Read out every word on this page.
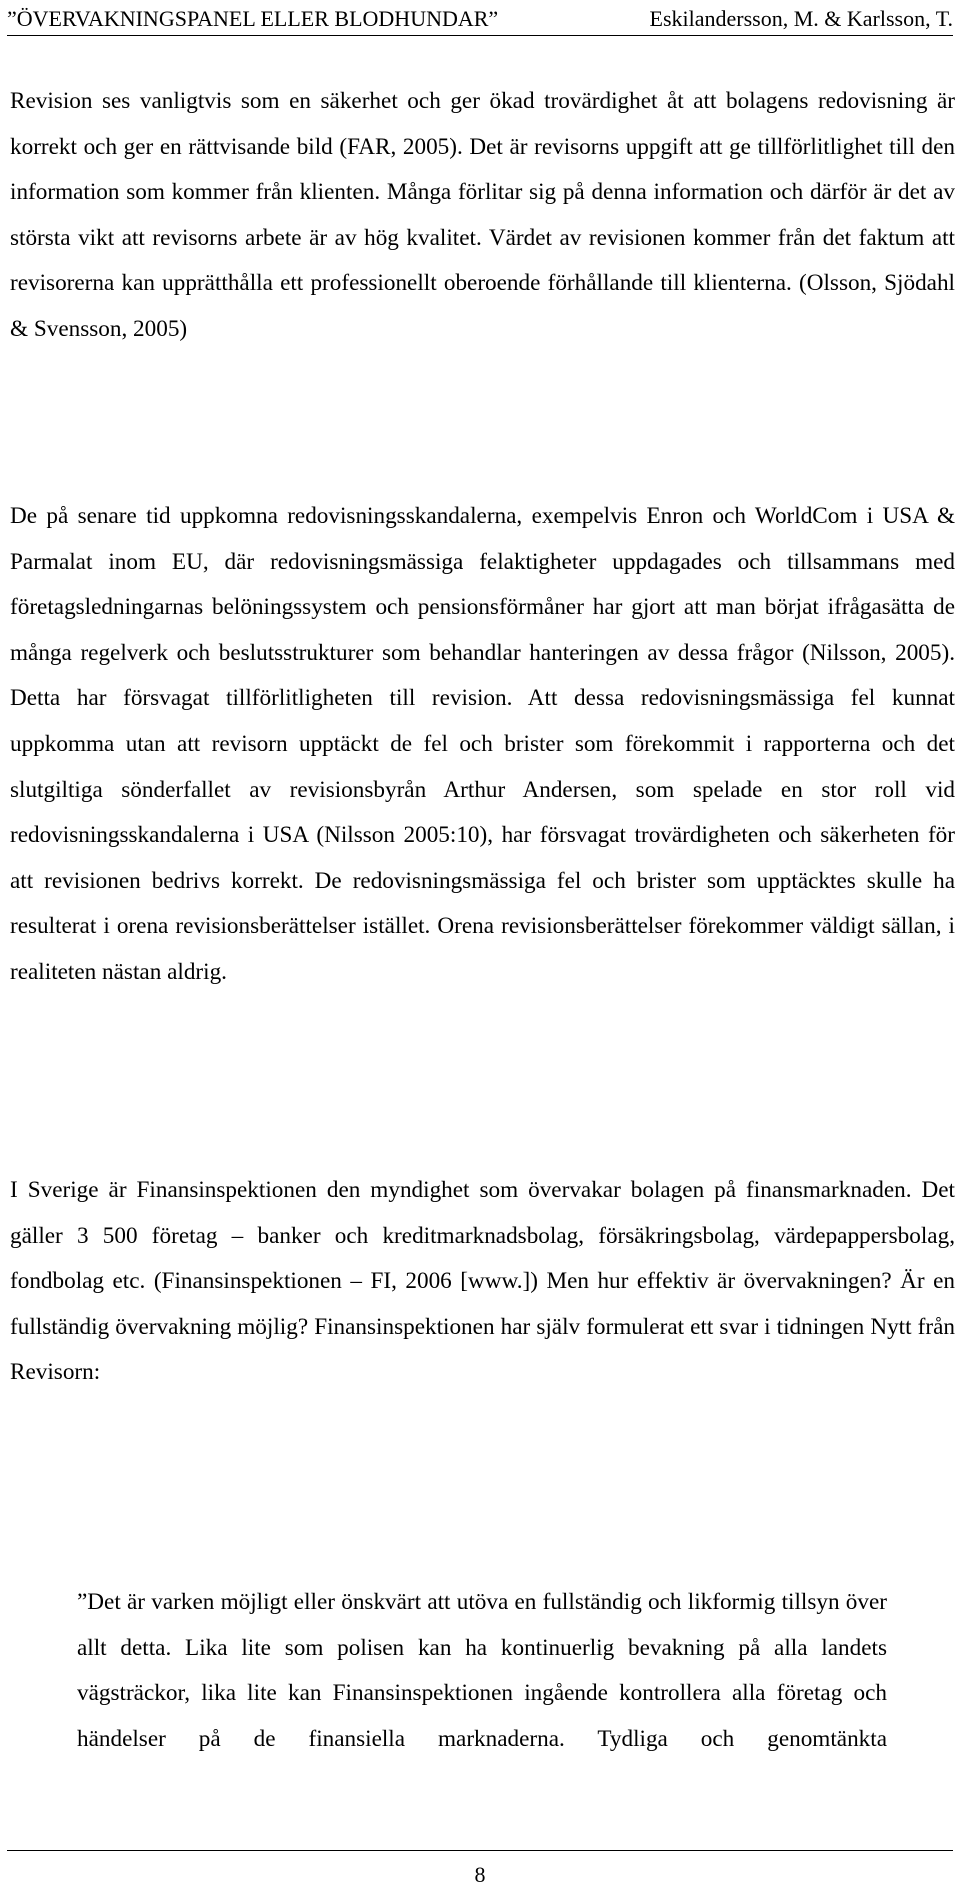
”ÖVERVAKNINGSPANEL ELLER BLODHUNDAR”	Eskilandersson, M. & Karlsson, T.

Revision ses vanligtvis som en säkerhet och ger ökad trovärdighet åt att bolagens redovisning är korrekt och ger en rättvisande bild (FAR, 2005). Det är revisorns uppgift att ge tillförlitlighet till den information som kommer från klienten. Många förlitar sig på denna information och därför är det av största vikt att revisorns arbete är av hög kvalitet. Värdet av revisionen kommer från det faktum att revisorerna kan upprätthålla ett professionellt oberoende förhållande till klienterna. (Olsson, Sjödahl & Svensson, 2005)

De på senare tid uppkomna redovisningsskandalerna, exempelvis Enron och WorldCom i USA & Parmalat inom EU, där redovisningsmässiga felaktigheter uppdagades och tillsammans med företagsledningarnas belöningssystem och pensionsförmåner har gjort att man börjat ifrågasätta de många regelverk och beslutsstrukturer som behandlar hanteringen av dessa frågor (Nilsson, 2005). Detta har försvagat tillförlitligheten till revision. Att dessa redovisningsmässiga fel kunnat uppkomma utan att revisorn upptäckt de fel och brister som förekommit i rapporterna och det slutgiltiga sönderfallet av revisionsbyrån Arthur Andersen, som spelade en stor roll vid redovisningsskandalerna i USA (Nilsson 2005:10), har försvagat trovärdigheten och säkerheten för att revisionen bedrivs korrekt. De redovisningsmässiga fel och brister som upptäcktes skulle ha resulterat i orena revisionsberättelser istället. Orena revisionsberättelser förekommer väldigt sällan, i realiteten nästan aldrig.

I Sverige är Finansinspektionen den myndighet som övervakar bolagen på finansmarknaden. Det gäller 3 500 företag – banker och kreditmarknadsbolag, försäkringsbolag, värdepappersbolag, fondbolag etc. (Finansinspektionen – FI, 2006 [www.]) Men hur effektiv är övervakningen? Är en fullständig övervakning möjlig? Finansinspektionen har själv formulerat ett svar i tidningen Nytt från Revisorn:

”Det är varken möjligt eller önskvärt att utöva en fullständig och likformig tillsyn över allt detta. Lika lite som polisen kan ha kontinuerlig bevakning på alla landets vägsträckor, lika lite kan Finansinspektionen ingående kontrollera alla företag och händelser på de finansiella marknaderna. Tydliga och genomtänkta

8
